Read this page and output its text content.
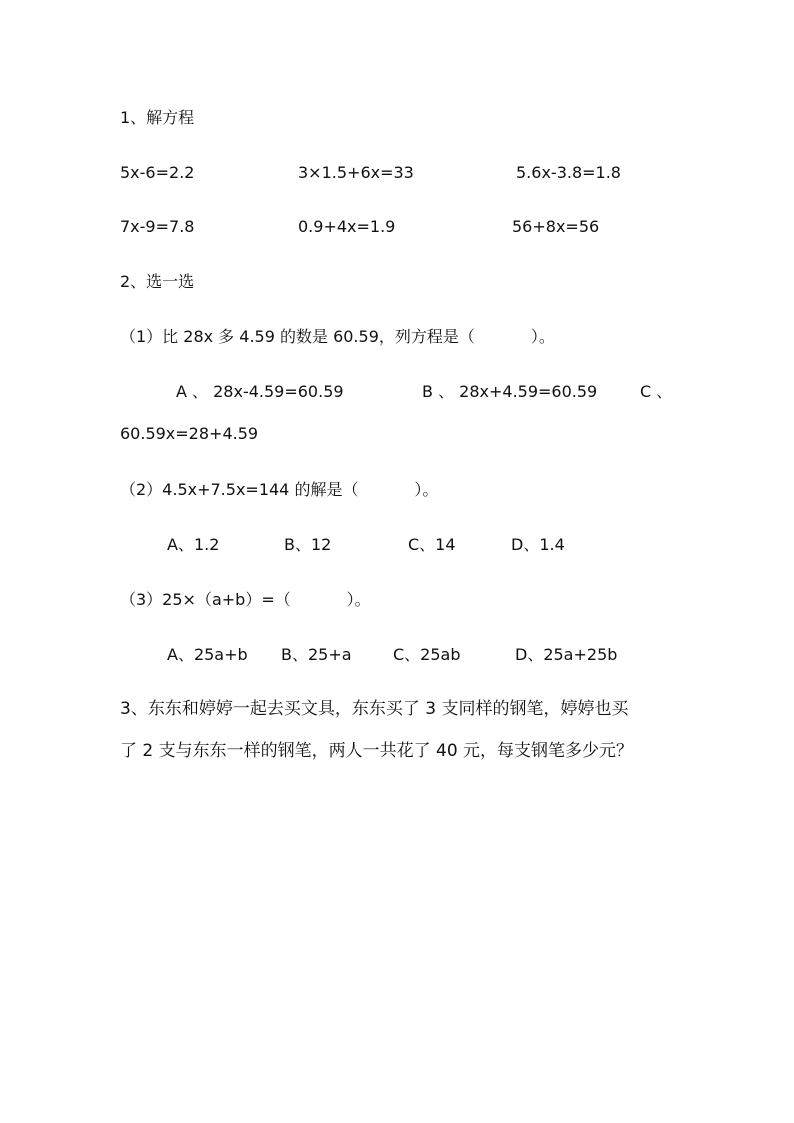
1、解方程
5x-6=2.2	3×1.5+6x=33	5.6x-3.8=1.8
7x-9=7.8	0.9+4x=1.9	56+8x=56
2、选一选
（1）比 28x 多 4.59 的数是 60.59，列方程是（           ）。
A 、 28x-4.59=60.59	B 、 28x+4.59=60.59	C 、
60.59x=28+4.59
（2）4.5x+7.5x=144 的解是（           ）。
A、1.2	B、12	C、14	D、1.4
（3）25×（a+b）=（           ）。
A、25a+b B、25+a	C、25ab	D、25a+25b
3、东东和婷婷一起去买文具，东东买了 3 支同样的钢笔，婷婷也买
了 2 支与东东一样的钢笔，两人一共花了 40 元，每支钢笔多少元？
